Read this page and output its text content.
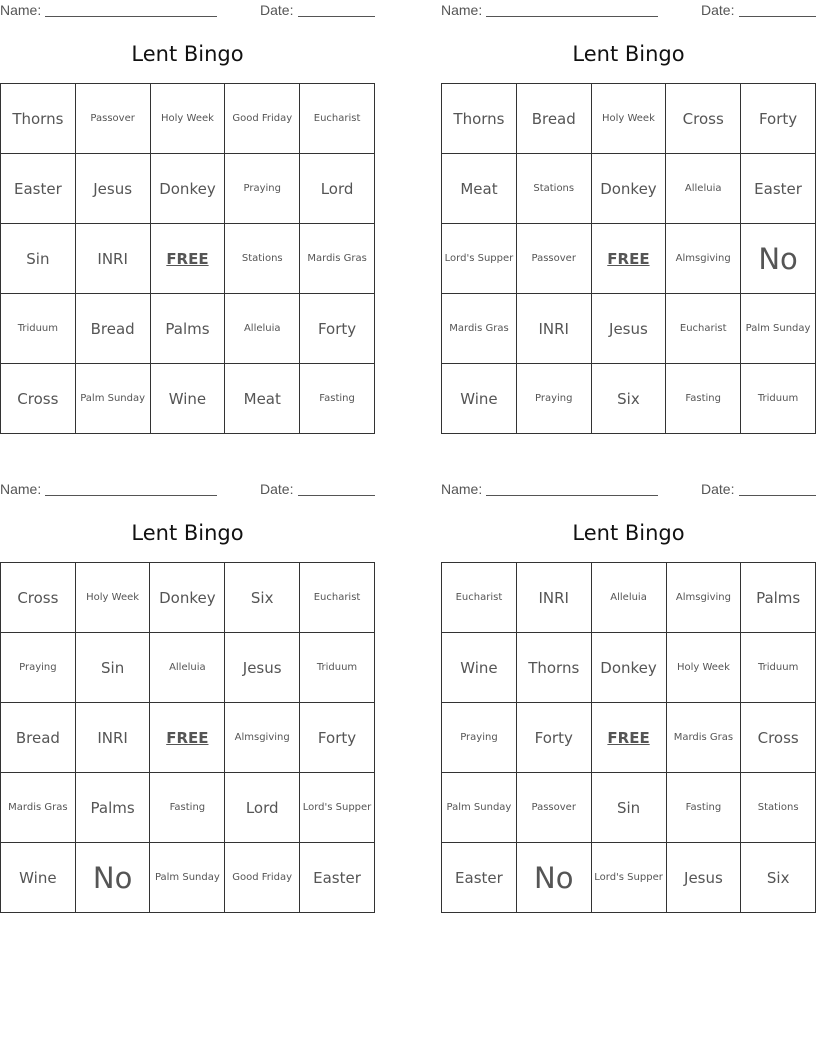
Name:	Date:
Lent Bingo
Thorns	Passover	Holy Week	Good Friday	Eucharist
Easter	Jesus	Donkey	Praying	Lord
Sin	INRI	FREE	Stations	Mardis Gras
Triduum	Bread	Palms	Alleluia	Forty
Cross	Palm Sunday	Wine	Meat	Fasting
Name:	Date:
Lent Bingo
Thorns	Bread	Holy Week	Cross	Forty
Meat	Stations	Donkey	Alleluia	Easter
Lord's Supper	Passover	FREE	Almsgiving	No
Mardis Gras	INRI	Jesus	Eucharist	Palm Sunday
Wine	Praying	Six	Fasting	Triduum
Name:	Date:
Lent Bingo
Cross	Holy Week	Donkey	Six	Eucharist
Praying	Sin	Alleluia	Jesus	Triduum
Bread	INRI	FREE	Almsgiving	Forty
Mardis Gras	Palms	Fasting	Lord	Lord's Supper
Wine	No	Palm Sunday	Good Friday	Easter
Name:	Date:
Lent Bingo
Eucharist	INRI	Alleluia	Almsgiving	Palms
Wine	Thorns	Donkey	Holy Week	Triduum
Praying	Forty	FREE	Mardis Gras	Cross
Palm Sunday	Passover	Sin	Fasting	Stations
Easter	No	Lord's Supper	Jesus	Six
